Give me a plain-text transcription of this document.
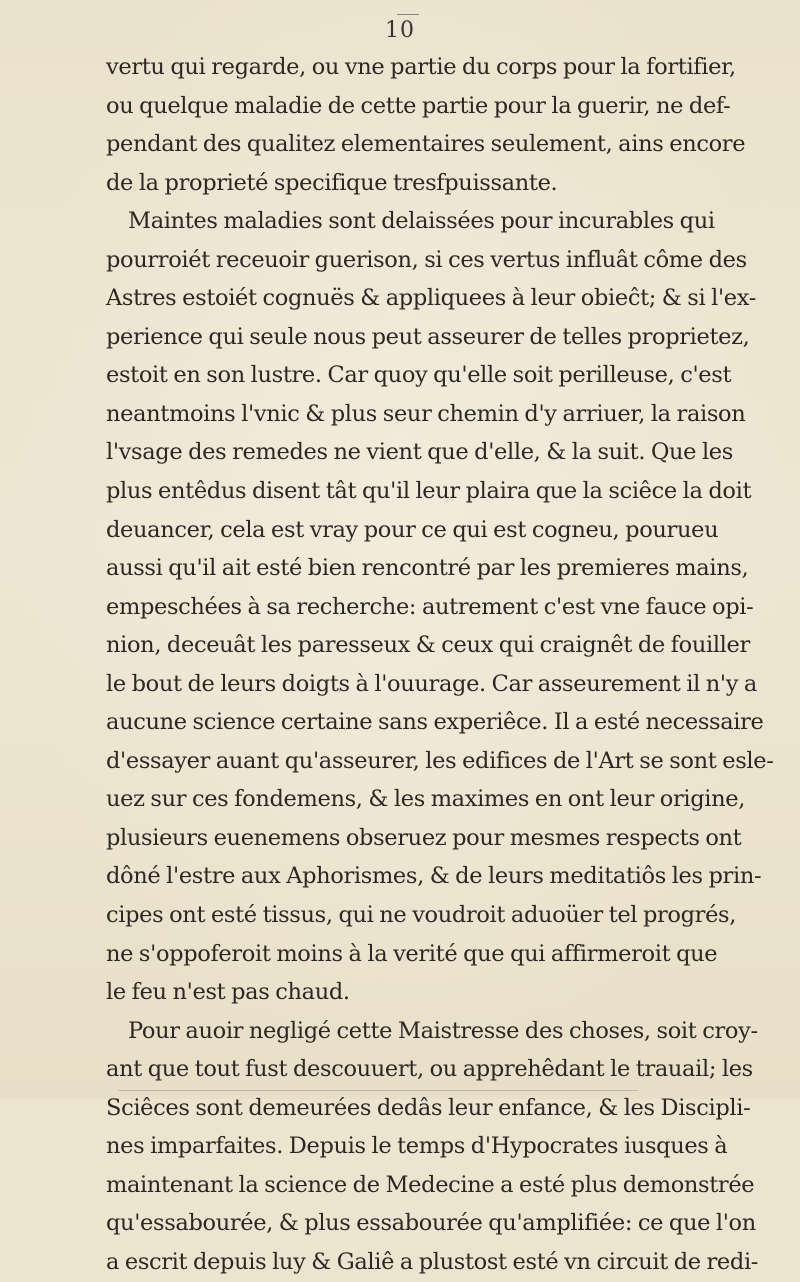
10
vertu qui regarde, ou vne partie du corps pour la fortifier,
ou quelque maladie de cette partie pour la guerir, ne def-
pendant des qualitez elementaires seulement, ains encore
de la proprieté specifique tresfpuissante.
Maintes maladies sont delaissées pour incurables qui
pourroiét receuoir guerison, si ces vertus influât côme des
Astres estoiét cognuës & appliquees à leur obieĉt; & si l'ex-
perience qui seule nous peut asseurer de telles proprietez,
estoit en son lustre. Car quoy qu'elle soit perilleuse, c'est
neantmoins l'vnic & plus seur chemin d'y arriuer, la raison
l'vsage des remedes ne vient que d'elle, & la suit. Que les
plus entêdus disent tât qu'il leur plaira que la sciêce la doit
deuancer, cela est vray pour ce qui est cogneu, pourueu
aussi qu'il ait esté bien rencontré par les premieres mains,
empeschées à sa recherche: autrement c'est vne fauce opi-
nion, deceuât les paresseux & ceux qui craignêt de fouiller
le bout de leurs doigts à l'ouurage. Car asseurement il n'y a
aucune science certaine sans experiêce. Il a esté necessaire
d'essayer auant qu'asseurer, les edifices de l'Art se sont esle-
uez sur ces fondemens, & les maximes en ont leur origine,
plusieurs euenemens obseruez pour mesmes respects ont
dôné l'estre aux Aphorismes, & de leurs meditatiôs les prin-
cipes ont esté tissus, qui ne voudroit aduoüer tel progrés,
ne s'oppoferoit moins à la verité que qui affirmeroit que
le feu n'est pas chaud.
Pour auoir negligé cette Maistresse des choses, soit croy-
ant que tout fust descouuert, ou apprehêdant le trauail; les
Sciêces sont demeurées dedâs leur enfance, & les Discipli-
nes imparfaites. Depuis le temps d'Hypocrates iusques à
maintenant la science de Medecine a esté plus demonstrée
qu'essabourée, & plus essabourée qu'amplifiée: ce que l'on
a escrit depuis luy & Galiê a plustost esté vn circuit de redi-
